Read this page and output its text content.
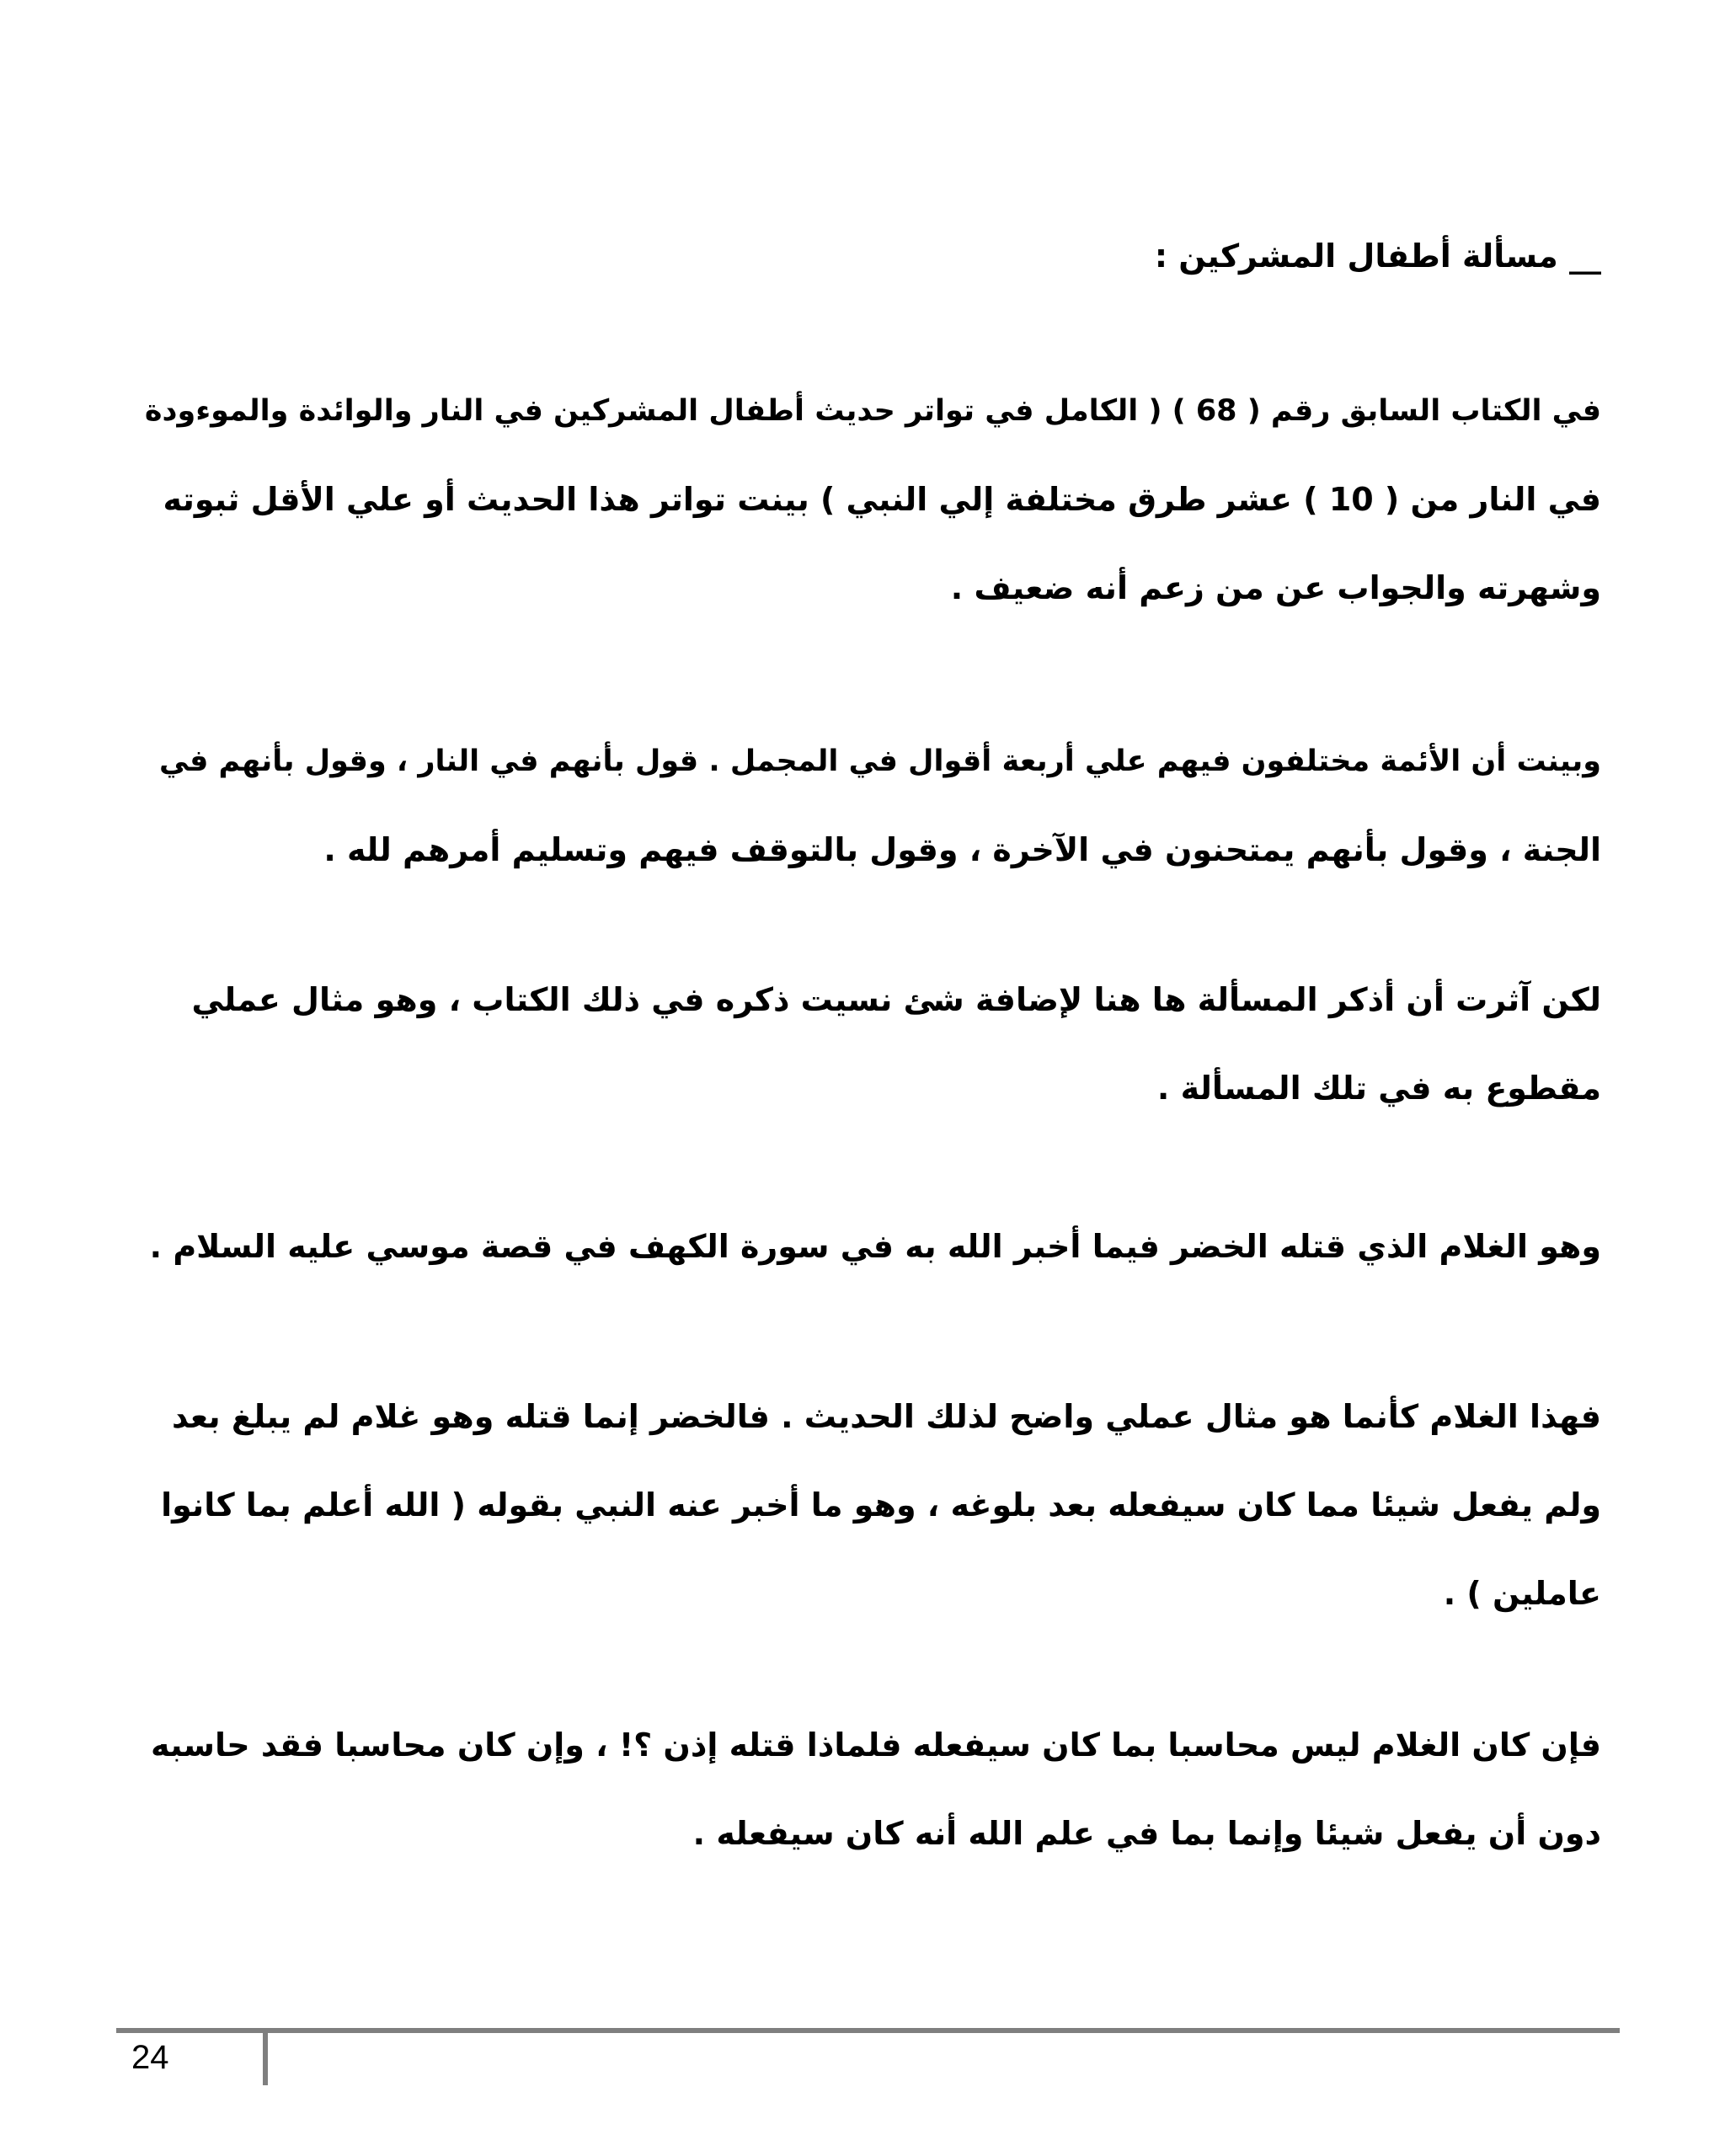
__ مسألة أطفال المشركين :
في الكتاب السابق رقم ( 68 ) ( الكامل في تواتر حديث أطفال المشركين في النار والوائدة والموءودة
في النار من ( 10 ) عشر طرق مختلفة إلي النبي ) بينت تواتر هذا الحديث أو علي الأقل ثبوته
وشهرته والجواب عن من زعم أنه ضعيف .
وبينت أن الأئمة مختلفون فيهم علي أربعة أقوال في المجمل . قول بأنهم في النار ، وقول بأنهم في
الجنة ، وقول بأنهم يمتحنون في الآخرة ، وقول بالتوقف فيهم وتسليم أمرهم لله .
لكن آثرت أن أذكر المسألة ها هنا لإضافة شئ نسيت ذكره في ذلك الكتاب ، وهو مثال عملي
مقطوع به في تلك المسألة .
وهو الغلام الذي قتله الخضر فيما أخبر الله به في سورة الكهف في قصة موسي عليه السلام .
فهذا الغلام كأنما هو مثال عملي واضح لذلك الحديث . فالخضر إنما قتله وهو غلام لم يبلغ بعد
ولم يفعل شيئا مما كان سيفعله بعد بلوغه ، وهو ما أخبر عنه النبي بقوله ( الله أعلم بما كانوا
عاملين ) .
فإن كان الغلام ليس محاسبا بما كان سيفعله فلماذا قتله إذن ؟! ، وإن كان محاسبا فقد حاسبه
دون أن يفعل شيئا وإنما بما في علم الله أنه كان سيفعله .
24
